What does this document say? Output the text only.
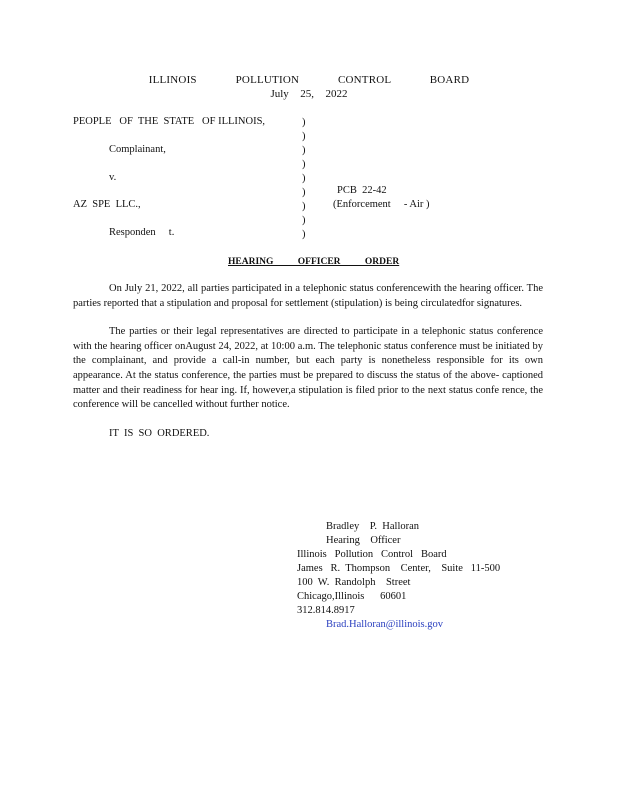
ILLINOIS   POLLUTION   CONTROL   BOARD
July  25,  2022
PEOPLE   OF  THE  STATE   OF ILLINOIS,
Complainant,
v.
AZ  SPE  LLC.,
Responden     t.
)
)
)
)
)
)
)
)
)
PCB  22-42
(Enforcement     - Air )
HEARING OFFICER ORDER

On July 21, 2022, all parties participated in a telephonic status conferencewith the hearing officer. The parties reported that a stipulation and proposal for settlement (stipulation) is being circulatedfor signatures.

The parties or their legal representatives are directed to participate in a telephonic status conference with the hearing officer onAugust 24, 2022, at 10:00 a.m. The telephonic status conference must be initiated by the complainant, and provide a call-in number, but each party is nonetheless responsible for its own appearance. At the status conference, the parties must be prepared to discuss the status of the above- captioned matter and their readiness for hear ing. If, however,a stipulation is filed prior to the next status confe rence, the conference will be cancelled without further notice.

IT  IS  SO  ORDERED.

Bradley    P.  Halloran
Hearing    Officer
Illinois   Pollution   Control   Board
James   R.  Thompson    Center,    Suite   11-500
100  W.  Randolph    Street
Chicago,Illinois      60601
312.814.8917
Brad.Halloran@illinois.gov
